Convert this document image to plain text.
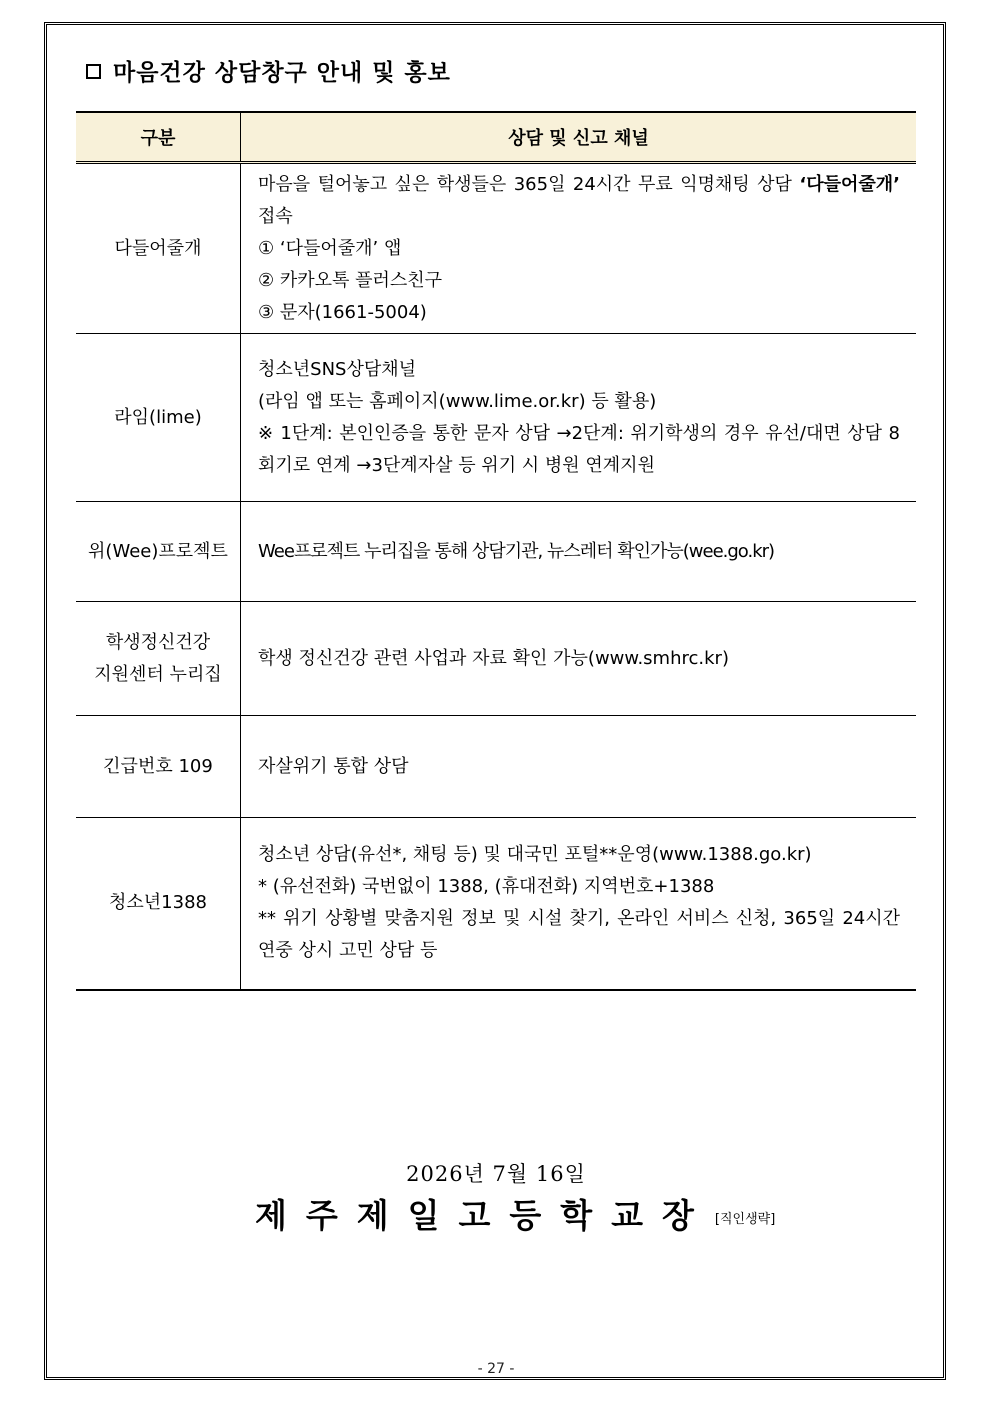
마음건강 상담창구 안내 및 홍보
구분	상담 및 신고 채널
다들어줄개	마음을 털어놓고 싶은 학생들은 365일 24시간 무료 익명채팅 상담 ‘다들어줄개’ 접속
① ‘다들어줄개’ 앱
② 카카오톡 플러스친구
③ 문자(1661-5004)

라임(lime)	청소년SNS상담채널
(라임 앱 또는 홈페이지(www.lime.or.kr) 등 활용)
※ 1단계: 본인인증을 통한 문자 상담 →2단계: 위기학생의 경우 유선/대면 상담 8회기로 연계 →3단계자살 등 위기 시 병원 연계지원

위(Wee)프로젝트	Wee프로젝트 누리집을 통해 상담기관, 뉴스레터 확인가능(wee.go.kr)

학생정신건강
지원센터 누리집	학생 정신건강 관련 사업과 자료 확인 가능(www.smhrc.kr)
긴급번호 109	자살위기 통합 상담
청소년1388	청소년 상담(유선*, 채팅 등) 및 대국민 포털**운영(www.1388.go.kr)
* (유선전화) 국번없이 1388, (휴대전화) 지역번호+1388
** 위기 상황별 맞춤지원 정보 및 시설 찾기, 온라인 서비스 신청, 365일 24시간 연중 상시 고민 상담 등
2026년 7월 16일
제주제일고등학교장 [직인생략]
- 27 -
